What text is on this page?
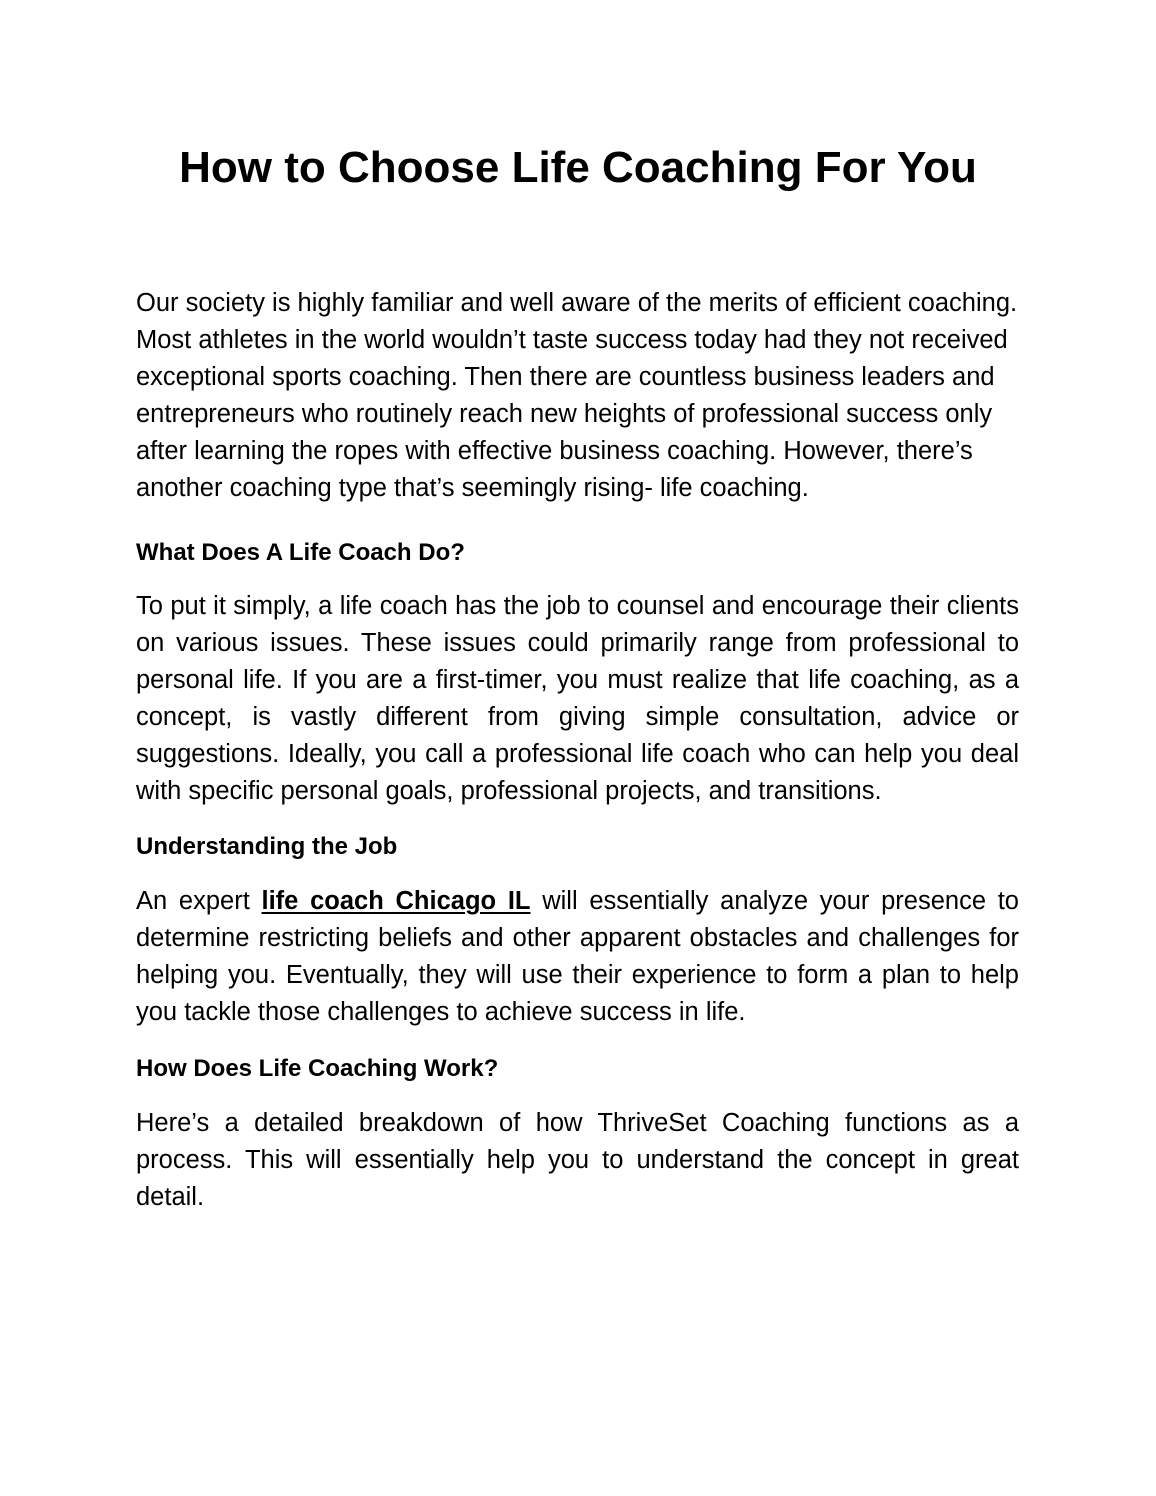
How to Choose Life Coaching For You

Our society is highly familiar and well aware of the merits of efficient coaching. Most athletes in the world wouldn’t taste success today had they not received exceptional sports coaching. Then there are countless business leaders and entrepreneurs who routinely reach new heights of professional success only after learning the ropes with effective business coaching. However, there’s another coaching type that’s seemingly rising- life coaching.

What Does A Life Coach Do?

To put it simply, a life coach has the job to counsel and encourage their clients on various issues. These issues could primarily range from professional to personal life. If you are a first-timer, you must realize that life coaching, as a concept, is vastly different from giving simple consultation, advice or suggestions. Ideally, you call a professional life coach who can help you deal with specific personal goals, professional projects, and transitions.

Understanding the Job

An expert life coach Chicago IL will essentially analyze your presence to determine restricting beliefs and other apparent obstacles and challenges for helping you. Eventually, they will use their experience to form a plan to help you tackle those challenges to achieve success in life.

How Does Life Coaching Work?

Here’s a detailed breakdown of how ThriveSet Coaching functions as a process. This will essentially help you to understand the concept in great detail.
